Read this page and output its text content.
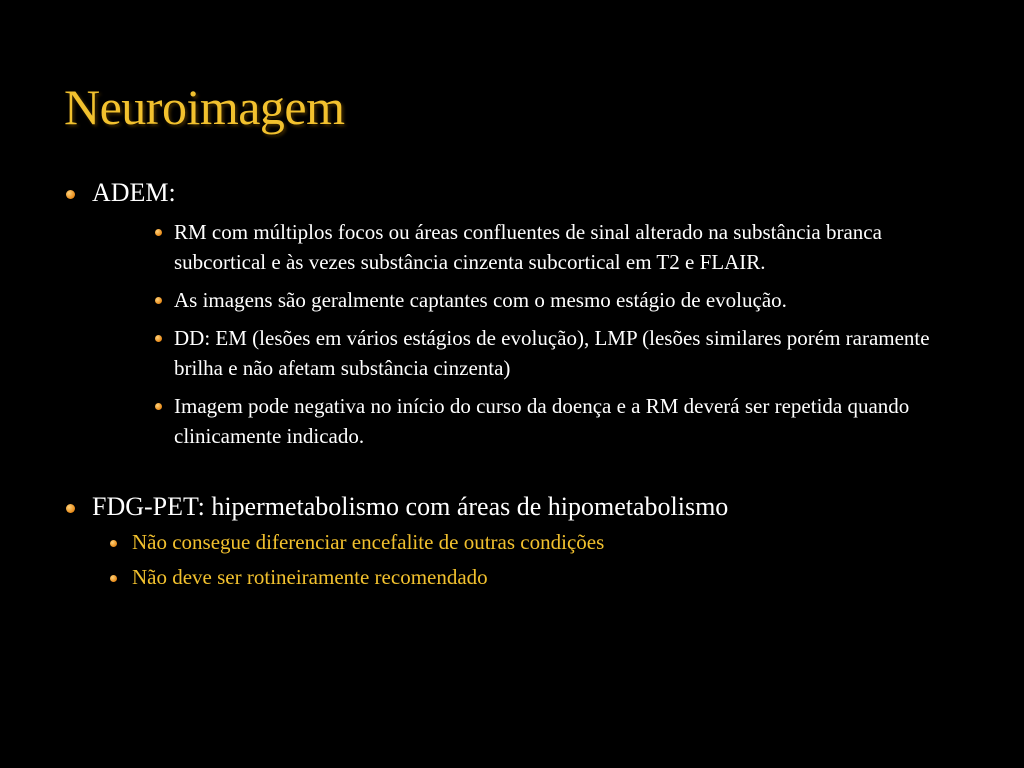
Neuroimagem
ADEM:
RM com múltiplos focos ou áreas confluentes de sinal alterado na substância branca subcortical e às vezes substância cinzenta subcortical em T2 e FLAIR.
As imagens são geralmente captantes com o mesmo estágio de evolução.
DD: EM (lesões em vários estágios de evolução), LMP (lesões similares porém raramente brilha e não afetam substância cinzenta)
Imagem pode negativa no início do curso da doença e a RM deverá ser repetida quando clinicamente indicado.
FDG-PET: hipermetabolismo com áreas de hipometabolismo
Não consegue diferenciar encefalite de outras condições
Não deve ser rotineiramente recomendado
